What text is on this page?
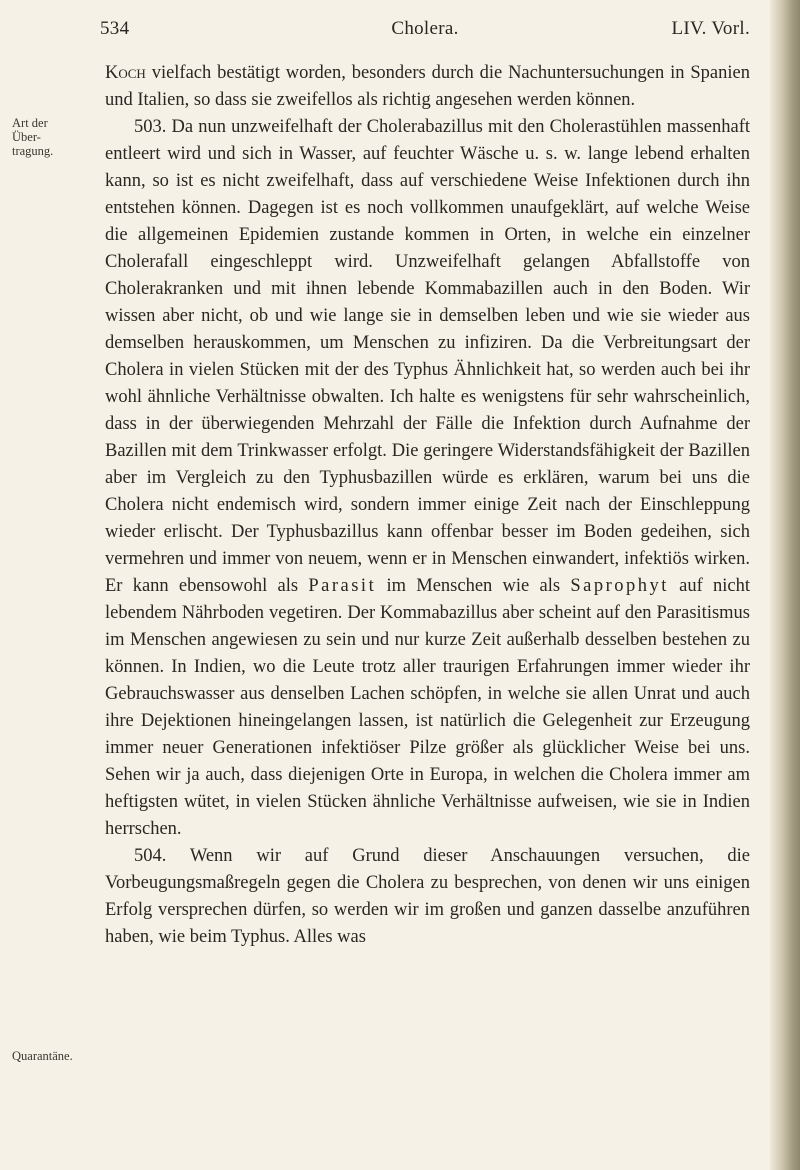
534	Cholera.	LIV. Vorl.
Art der
Über-
tragung.
Quarantäne.

Koch vielfach bestätigt worden, besonders durch die Nachuntersuchungen in Spanien und Italien, so dass sie zweifellos als richtig angesehen werden können.

503. Da nun unzweifelhaft der Cholerabazillus mit den Cholerastühlen massenhaft entleert wird und sich in Wasser, auf feuchter Wäsche u. s. w. lange lebend erhalten kann, so ist es nicht zweifelhaft, dass auf verschiedene Weise Infektionen durch ihn entstehen können. Dagegen ist es noch vollkommen unaufgeklärt, auf welche Weise die allgemeinen Epidemien zustande kommen in Orten, in welche ein einzelner Cholerafall eingeschleppt wird. Unzweifelhaft gelangen Abfallstoffe von Cholerakranken und mit ihnen lebende Kommabazillen auch in den Boden. Wir wissen aber nicht, ob und wie lange sie in demselben leben und wie sie wieder aus demselben herauskommen, um Menschen zu infiziren. Da die Verbreitungsart der Cholera in vielen Stücken mit der des Typhus Ähnlichkeit hat, so werden auch bei ihr wohl ähnliche Verhältnisse obwalten. Ich halte es wenigstens für sehr wahrscheinlich, dass in der überwiegenden Mehrzahl der Fälle die Infektion durch Aufnahme der Bazillen mit dem Trinkwasser erfolgt. Die geringere Widerstandsfähigkeit der Bazillen aber im Vergleich zu den Typhusbazillen würde es erklären, warum bei uns die Cholera nicht endemisch wird, sondern immer einige Zeit nach der Einschleppung wieder erlischt. Der Typhusbazillus kann offenbar besser im Boden gedeihen, sich vermehren und immer von neuem, wenn er in Menschen einwandert, infektiös wirken. Er kann ebensowohl als Parasit im Menschen wie als Saprophyt auf nicht lebendem Nährboden vegetiren. Der Kommabazillus aber scheint auf den Parasitismus im Menschen angewiesen zu sein und nur kurze Zeit außerhalb desselben bestehen zu können. In Indien, wo die Leute trotz aller traurigen Erfahrungen immer wieder ihr Gebrauchswasser aus denselben Lachen schöpfen, in welche sie allen Unrat und auch ihre Dejektionen hineingelangen lassen, ist natürlich die Gelegenheit zur Erzeugung immer neuer Generationen infektiöser Pilze größer als glücklicher Weise bei uns. Sehen wir ja auch, dass diejenigen Orte in Europa, in welchen die Cholera immer am heftigsten wütet, in vielen Stücken ähnliche Verhältnisse aufweisen, wie sie in Indien herrschen.

504. Wenn wir auf Grund dieser Anschauungen versuchen, die Vorbeugungsmaßregeln gegen die Cholera zu besprechen, von denen wir uns einigen Erfolg versprechen dürfen, so werden wir im großen und ganzen dasselbe anzuführen haben, wie beim Typhus. Alles was
